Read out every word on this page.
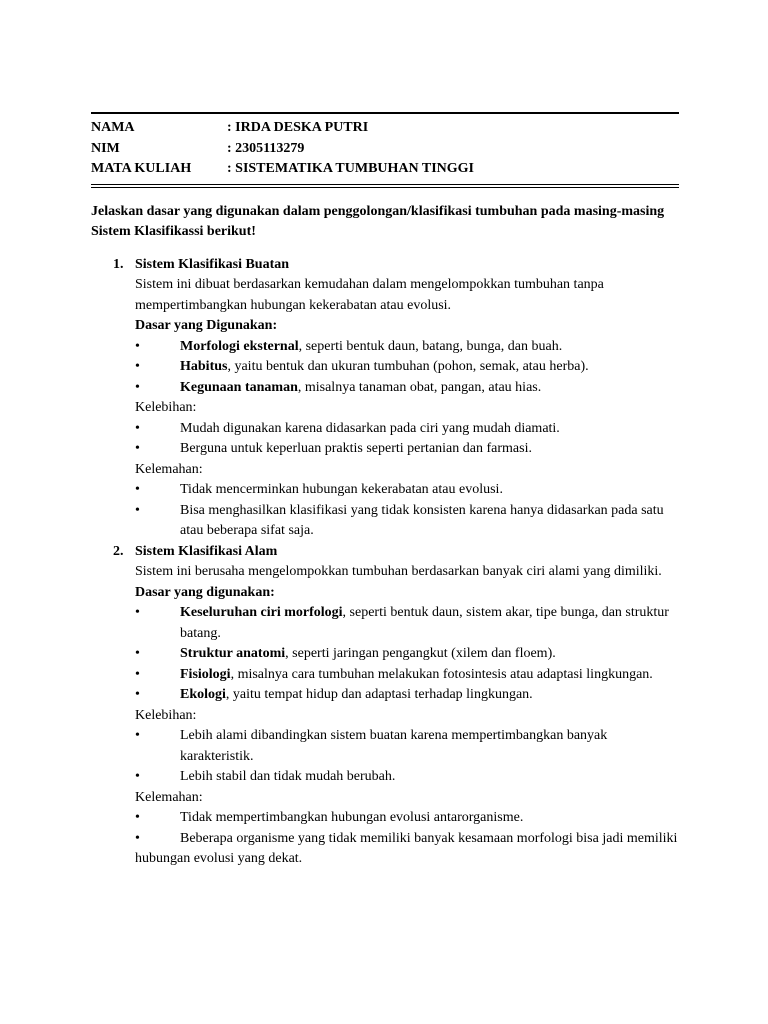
NAMA	: IRDA DESKA PUTRI
NIM	: 2305113279
MATA KULIAH	: SISTEMATIKA TUMBUHAN TINGGI
Jelaskan dasar yang digunakan dalam penggolongan/klasifikasi tumbuhan pada masing-masing Sistem Klasifikassi berikut!
1. Sistem Klasifikasi Buatan
Sistem ini dibuat berdasarkan kemudahan dalam mengelompokkan tumbuhan tanpa mempertimbangkan hubungan kekerabatan atau evolusi.
Dasar yang Digunakan:
•	Morfologi eksternal, seperti bentuk daun, batang, bunga, dan buah.
•	Habitus, yaitu bentuk dan ukuran tumbuhan (pohon, semak, atau herba).
•	Kegunaan tanaman, misalnya tanaman obat, pangan, atau hias.
Kelebihan:
•	Mudah digunakan karena didasarkan pada ciri yang mudah diamati.
•	Berguna untuk keperluan praktis seperti pertanian dan farmasi.
Kelemahan:
•	Tidak mencerminkan hubungan kekerabatan atau evolusi.
•	Bisa menghasilkan klasifikasi yang tidak konsisten karena hanya didasarkan pada satu atau beberapa sifat saja.
2. Sistem Klasifikasi Alam
Sistem ini berusaha mengelompokkan tumbuhan berdasarkan banyak ciri alami yang dimiliki.
Dasar yang digunakan:
•	Keseluruhan ciri morfologi, seperti bentuk daun, sistem akar, tipe bunga, dan struktur batang.
•	Struktur anatomi, seperti jaringan pengangkut (xilem dan floem).
•	Fisiologi, misalnya cara tumbuhan melakukan fotosintesis atau adaptasi lingkungan.
•	Ekologi, yaitu tempat hidup dan adaptasi terhadap lingkungan.
Kelebihan:
•	Lebih alami dibandingkan sistem buatan karena mempertimbangkan banyak karakteristik.
•	Lebih stabil dan tidak mudah berubah.
Kelemahan:
•	Tidak mempertimbangkan hubungan evolusi antarorganisme.
•	Beberapa organisme yang tidak memiliki banyak kesamaan morfologi bisa jadi memiliki hubungan evolusi yang dekat.
